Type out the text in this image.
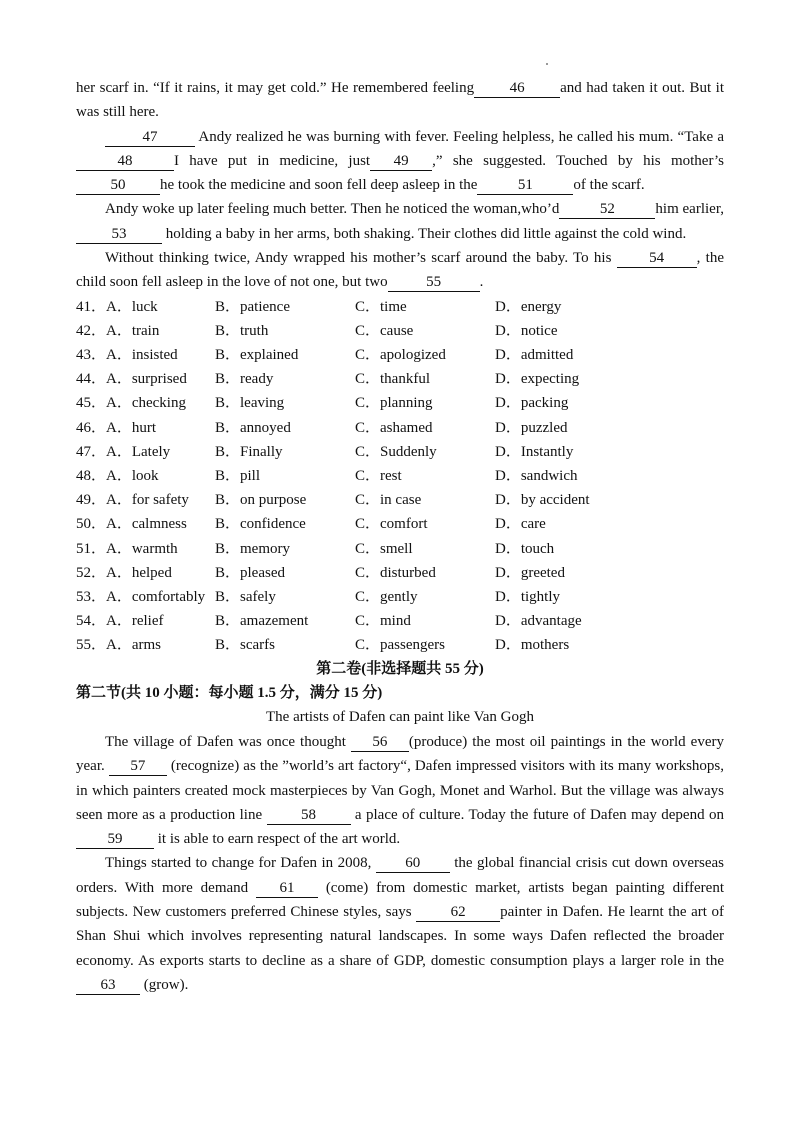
her scarf in. “If it rains, it may get cold.” He remembered feeling 46 and had taken it out. But it was still here.

47	Andy realized he was burning with fever. Feeling helpless, he called his mum. “Take a 48	I have put in medicine, just 49 ,” she suggested. Touched by his mother’s50 he took the medicine and soon fell deep asleep in the	51	of the scarf.

Andy woke up later feeling much better. Then he noticed the woman,who’d	52	him earlier, 53 holding a baby in her arms, both shaking. Their clothes did little against the cold wind.

Without thinking twice, Andy wrapped his mother’s scarf around the baby. To his 54 , the child soon fell asleep in the love of not one, but two	55	.

41．A．luck	B．patience	C．time	D．energy
42．A．train	B．truth	C．cause	D．notice
43．A．insisted B．explained	C．apologized	D．admitted
44．A．surprised B．ready	C．thankful	D．expecting
45．A．checking B．leaving	C．planning	D．packing
46．A．hurt	B．annoyed	C．ashamed	D．puzzled
47．A．Lately	B．Finally	C．Suddenly	D．Instantly
48．A．look	B．pill	C．rest	D．sandwich
49．A．for safety B．on purpose	C．in case	D．by accident
50．A．calmness B．confidence	C．comfort	D．care
51．A．warmth B．memory	C．smell	D．touch
52．A．helped	B．pleased	C．disturbed	D．greeted
53．A．comfortably B．safely	C．gently	D．tightly
54．A．relief	B．amazement	C．mind	D．advantage
55．A．arms	B．scarfs	C．passengers	D．mothers

第二卷(非选择题共 55 分)

第二节(共 10 小题：每小题 1.5 分，满分 15 分)

The artists of Dafen can paint like Van Gogh

The village of Dafen was once thought 56 (produce) the most oil paintings in the world every year. 57 (recognize) as the ”world’s art factory“, Dafen impressed visitors with its many workshops, in which painters created mock masterpieces by Van Gogh, Monet and Warhol. But the village was always seen more as a production line 58 a place of culture. Today the future of Dafen may depend on 59 it is able to earn respect of the art world.

Things started to change for Dafen in 2008, 60 the global financial crisis cut down overseas orders. With more demand 61 (come) from domestic market, artists began painting different subjects. New customers preferred Chinese styles, says 62 painter in Dafen. He learnt the art of Shan Shui which involves representing natural landscapes. In some ways Dafen reflected the broader economy. As exports starts to decline as a share of GDP, domestic consumption plays a larger role in the 63 (grow).
